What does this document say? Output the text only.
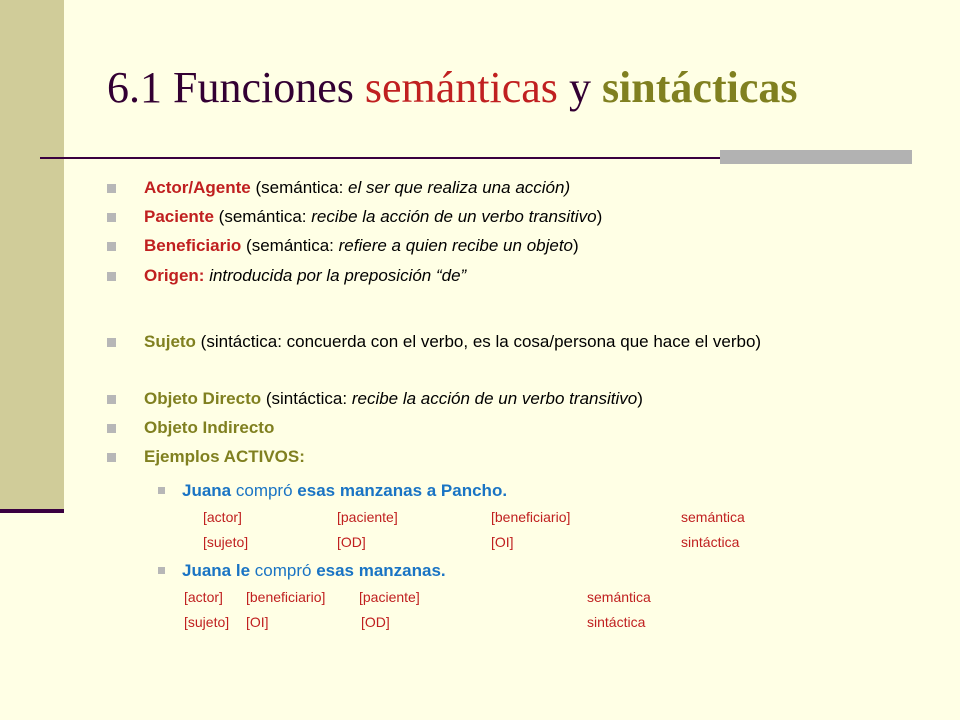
6.1 Funciones semánticas y sintácticas
Actor/Agente (semántica: el ser que realiza una acción)
Paciente (semántica: recibe la acción de un verbo transitivo)
Beneficiario (semántica: refiere a quien recibe un objeto)
Origen: introducida por la preposición “de”
Sujeto (sintáctica: concuerda con el verbo, es la cosa/persona que hace el verbo)
Objeto Directo (sintáctica: recibe la acción de un verbo transitivo)
Objeto Indirecto
Ejemplos ACTIVOS:
Juana compró esas manzanas a Pancho.
[actor]	[paciente]	[beneficiario]	semántica
[sujeto]	[OD]	[OI]	sintáctica
Juana le compró esas manzanas.
[actor] [beneficiario] [paciente]	semántica
[sujeto] [OI]	[OD]	sintáctica
